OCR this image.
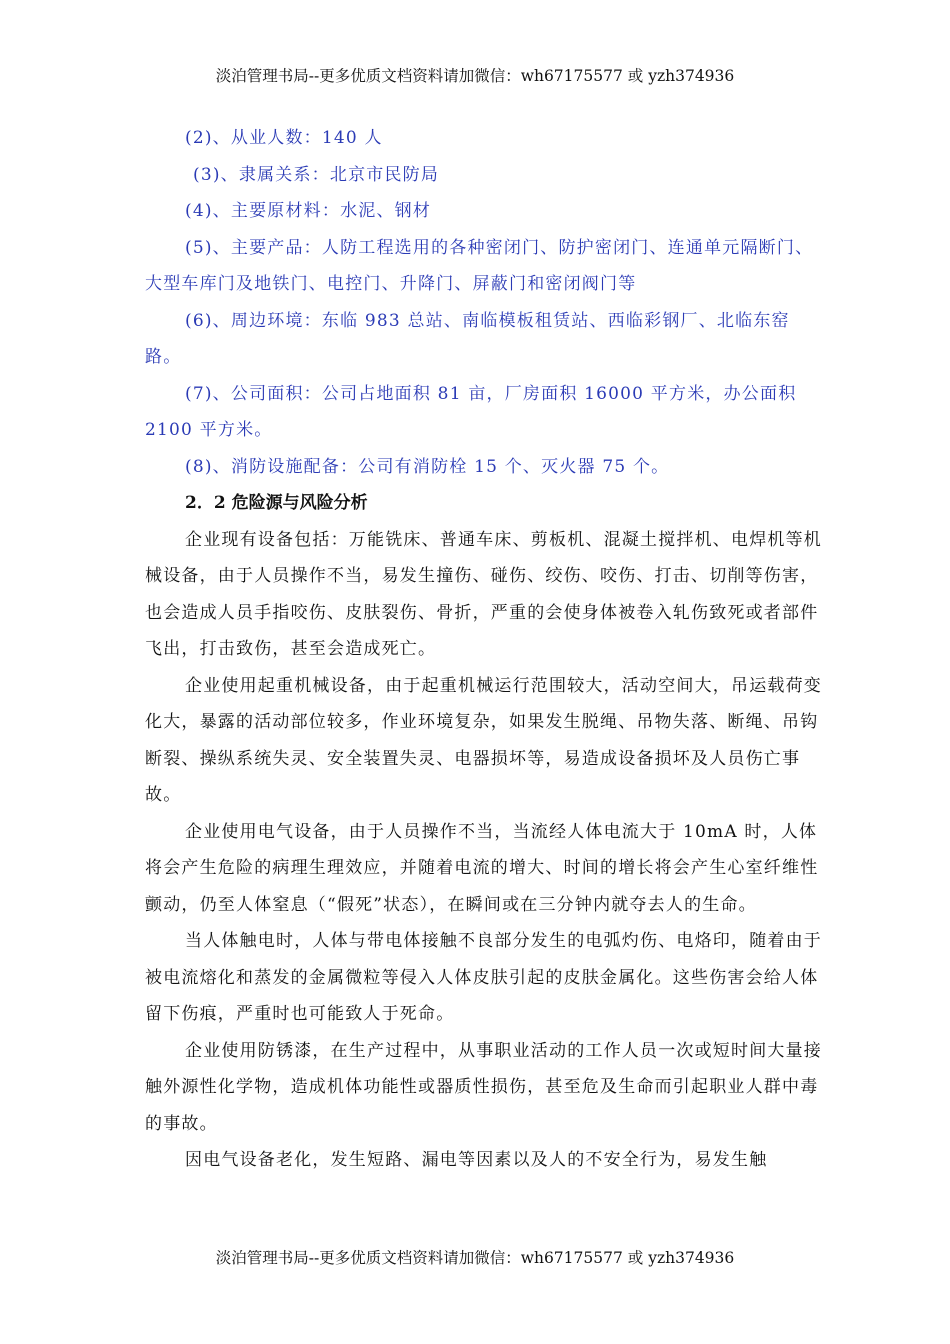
淡泊管理书局--更多优质文档资料请加微信：wh67175577 或 yzh374936

(2)、从业人数：140 人

(3)、隶属关系：北京市民防局

(4)、主要原材料：水泥、钢材

(5)、主要产品：人防工程选用的各种密闭门、防护密闭门、连通单元隔断门、大型车库门及地铁门、电控门、升降门、屏蔽门和密闭阀门等

(6)、周边环境：东临 983 总站、南临模板租赁站、西临彩钢厂、北临东窑路。

(7)、公司面积：公司占地面积 81 亩，厂房面积 16000 平方米，办公面积 2100 平方米。

(8)、消防设施配备：公司有消防栓 15 个、灭火器 75 个。

2．2 危险源与风险分析

企业现有设备包括：万能铣床、普通车床、剪板机、混凝土搅拌机、电焊机等机械设备，由于人员操作不当，易发生撞伤、碰伤、绞伤、咬伤、打击、切削等伤害，也会造成人员手指咬伤、皮肤裂伤、骨折，严重的会使身体被卷入轧伤致死或者部件飞出，打击致伤，甚至会造成死亡。

企业使用起重机械设备，由于起重机械运行范围较大，活动空间大，吊运载荷变化大，暴露的活动部位较多，作业环境复杂，如果发生脱绳、吊物失落、断绳、吊钩断裂、操纵系统失灵、安全装置失灵、电器损坏等，易造成设备损坏及人员伤亡事故。

企业使用电气设备，由于人员操作不当，当流经人体电流大于 10mA 时，人体将会产生危险的病理生理效应，并随着电流的增大、时间的增长将会产生心室纤维性颤动，仍至人体窒息（“假死”状态），在瞬间或在三分钟内就夺去人的生命。

当人体触电时，人体与带电体接触不良部分发生的电弧灼伤、电烙印，随着由于被电流熔化和蒸发的金属微粒等侵入人体皮肤引起的皮肤金属化。这些伤害会给人体留下伤痕，严重时也可能致人于死命。

企业使用防锈漆，在生产过程中，从事职业活动的工作人员一次或短时间大量接触外源性化学物，造成机体功能性或器质性损伤，甚至危及生命而引起职业人群中毒的事故。

因电气设备老化，发生短路、漏电等因素以及人的不安全行为，易发生触

淡泊管理书局--更多优质文档资料请加微信：wh67175577 或 yzh374936
